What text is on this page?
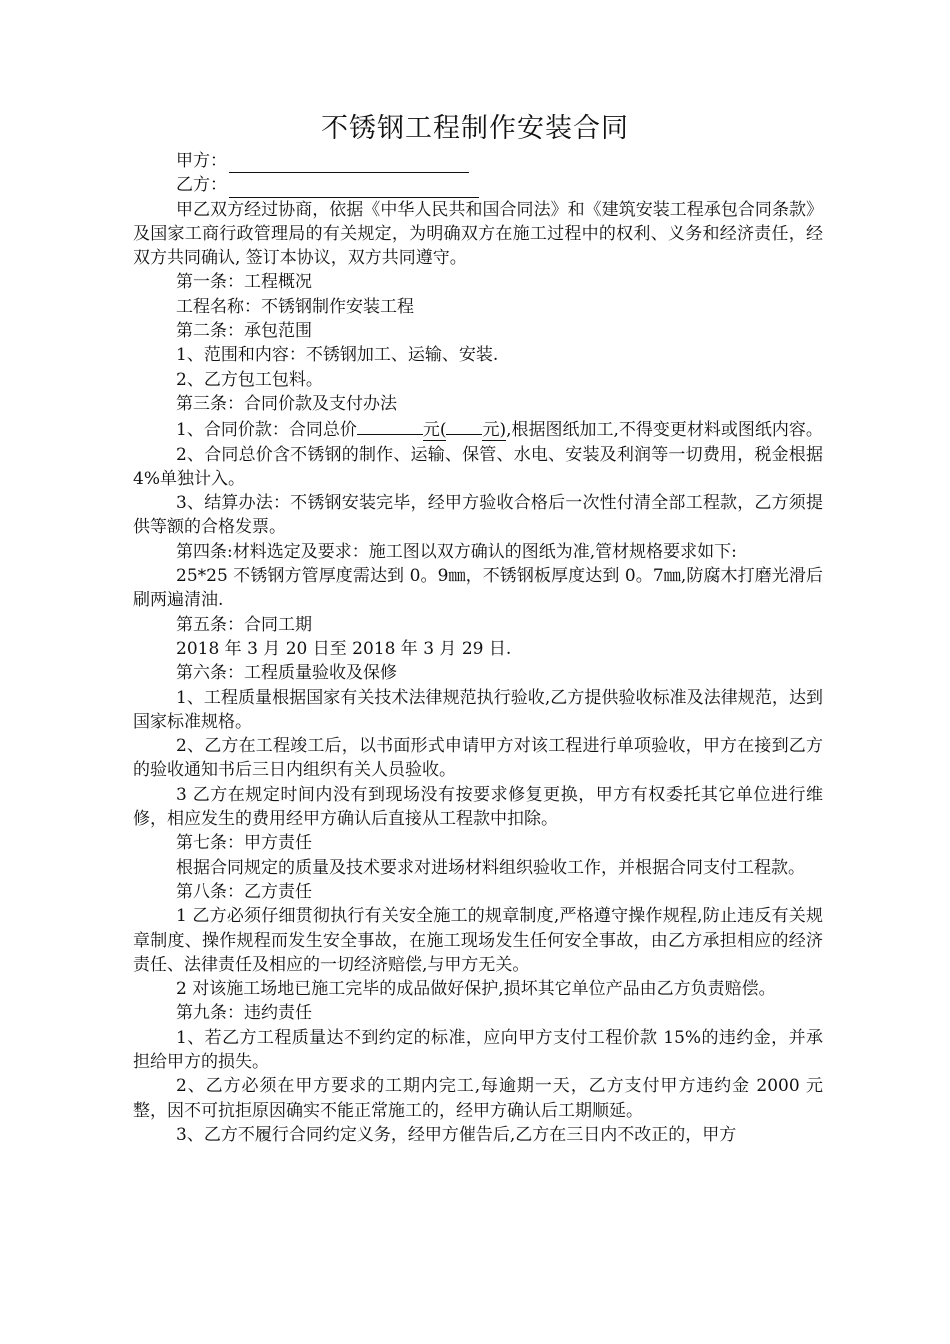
不锈钢工程制作安装合同

甲方：

乙方：

甲乙双方经过协商，依据《中华人民共和国合同法》和《建筑安装工程承包合同条款》及国家工商行政管理局的有关规定，为明确双方在施工过程中的权利、义务和经济责任，经双方共同确认, 签订本协议，双方共同遵守。

第一条：工程概况

工程名称：不锈钢制作安装工程

第二条：承包范围

1、范围和内容：不锈钢加工、运输、安装.

2、乙方包工包料。

第三条：合同价款及支付办法

1、合同价款：合同总价	元( 元),根据图纸加工,不得变更材料或图纸内容。

2、合同总价含不锈钢的制作、运输、保管、水电、安装及利润等一切费用，税金根据 4%单独计入。

3、结算办法：不锈钢安装完毕，经甲方验收合格后一次性付清全部工程款，乙方须提供等额的合格发票。

第四条:材料选定及要求：施工图以双方确认的图纸为准,管材规格要求如下:

25*25 不锈钢方管厚度需达到 0。9㎜，不锈钢板厚度达到 0。7㎜,防腐木打磨光滑后刷两遍清油.

第五条：合同工期

2018 年 3 月 20 日至 2018 年 3 月 29 日.

第六条：工程质量验收及保修

1、工程质量根据国家有关技术法律规范执行验收,乙方提供验收标准及法律规范，达到国家标准规格。

2、乙方在工程竣工后，以书面形式申请甲方对该工程进行单项验收，甲方在接到乙方的验收通知书后三日内组织有关人员验收。

3 乙方在规定时间内没有到现场没有按要求修复更换，甲方有权委托其它单位进行维修，相应发生的费用经甲方确认后直接从工程款中扣除。

第七条：甲方责任

根据合同规定的质量及技术要求对进场材料组织验收工作，并根据合同支付工程款。

第八条：乙方责任

1 乙方必须仔细贯彻执行有关安全施工的规章制度,严格遵守操作规程,防止违反有关规章制度、操作规程而发生安全事故，在施工现场发生任何安全事故，由乙方承担相应的经济责任、法律责任及相应的一切经济赔偿,与甲方无关。

2 对该施工场地已施工完毕的成品做好保护,损坏其它单位产品由乙方负责赔偿。

第九条：违约责任

1、若乙方工程质量达不到约定的标准，应向甲方支付工程价款 15%的违约金，并承担给甲方的损失。

2、乙方必须在甲方要求的工期内完工,每逾期一天，乙方支付甲方违约金 2000 元整，因不可抗拒原因确实不能正常施工的，经甲方确认后工期顺延。

3、乙方不履行合同约定义务，经甲方催告后,乙方在三日内不改正的，甲方
